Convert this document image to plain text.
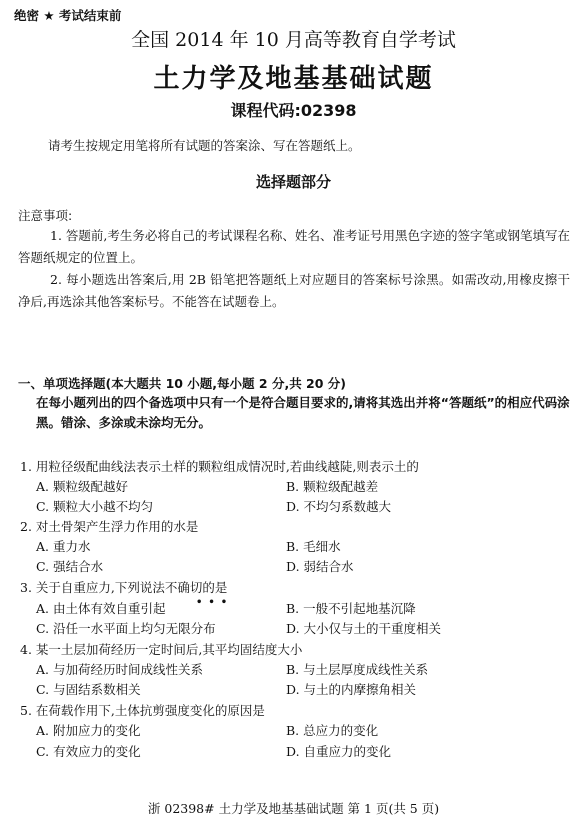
绝密 ★ 考试结束前
全国 2014 年 10 月高等教育自学考试
土力学及地基基础试题
课程代码:02398
请考生按规定用笔将所有试题的答案涂、写在答题纸上。
选择题部分
注意事项:
1. 答题前,考生务必将自己的考试课程名称、姓名、准考证号用黑色字迹的签字笔或钢笔填写在答题纸规定的位置上。
2. 每小题选出答案后,用 2B 铅笔把答题纸上对应题目的答案标号涂黑。如需改动,用橡皮擦干净后,再选涂其他答案标号。不能答在试题卷上。
一、单项选择题(本大题共 10 小题,每小题 2 分,共 20 分)
在每小题列出的四个备选项中只有一个是符合题目要求的,请将其选出并将“答题纸”的相应代码涂黑。错涂、多涂或未涂均无分。
1. 用粒径级配曲线法表示土样的颗粒组成情况时,若曲线越陡,则表示土的
A. 颗粒级配越好	B. 颗粒级配越差
C. 颗粒大小越不均匀	D. 不均匀系数越大
2. 对土骨架产生浮力作用的水是
A. 重力水	B. 毛细水
C. 强结合水	D. 弱结合水
3. 关于自重应力,下列说法不确切的是
•••
A. 由土体有效自重引起	B. 一般不引起地基沉降
C. 沿任一水平面上均匀无限分布	D. 大小仅与土的干重度相关
4. 某一土层加荷经历一定时间后,其平均固结度大小
A. 与加荷经历时间成线性关系	B. 与土层厚度成线性关系
C. 与固结系数相关	D. 与土的内摩擦角相关
5. 在荷载作用下,土体抗剪强度变化的原因是
A. 附加应力的变化	B. 总应力的变化
C. 有效应力的变化	D. 自重应力的变化
浙 02398# 土力学及地基基础试题 第 1 页(共 5 页)
